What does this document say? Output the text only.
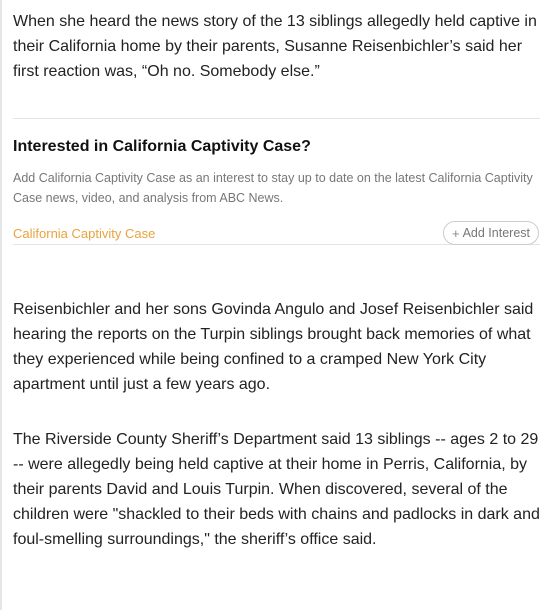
When she heard the news story of the 13 siblings allegedly held captive in their California home by their parents, Susanne Reisenbichler’s said her first reaction was, “Oh no. Somebody else.”

Interested in California Captivity Case?

Add California Captivity Case as an interest to stay up to date on the latest California Captivity Case news, video, and analysis from ABC News.

California Captivity Case	+ Add Interest

Reisenbichler and her sons Govinda Angulo and Josef Reisenbichler said hearing the reports on the Turpin siblings brought back memories of what they experienced while being confined to a cramped New York City apartment until just a few years ago.

The Riverside County Sheriff’s Department said 13 siblings -- ages 2 to 29 -- were allegedly being held captive at their home in Perris, California, by their parents David and Louis Turpin. When discovered, several of the children were "shackled to their beds with chains and padlocks in dark and foul-smelling surroundings," the sheriff’s office said.
